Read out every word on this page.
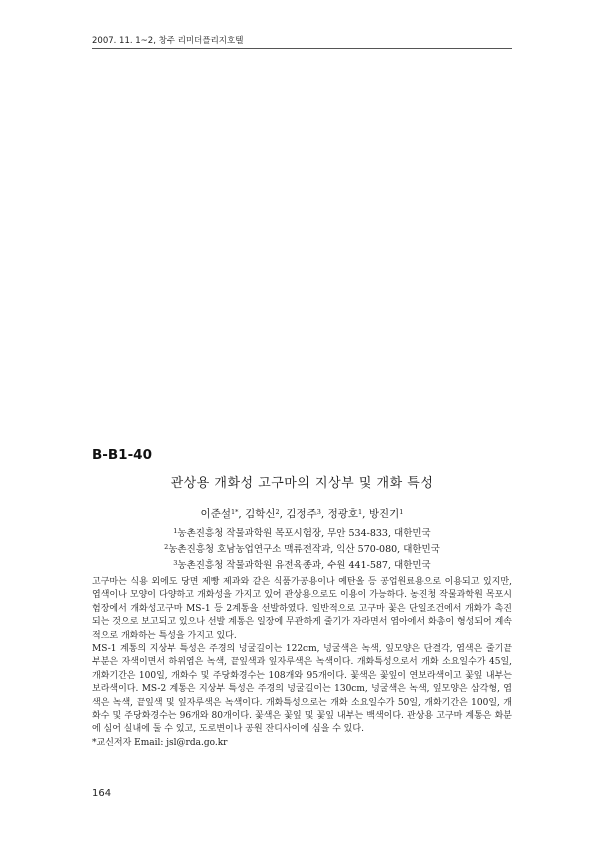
2007. 11. 1~2, 창주 리미더플리지호텔
B-B1-40
관상용 개화성 고구마의 지상부 및 개화 특성
이준설$^{1*}$, 김학신$^2$, 김정주$^3$, 정광호$^1$, 방진기$^1$
$^1$농촌진흥청 작물과학원 목포시험장, 무안 534-833, 대한민국
$^2$농촌진흥청 호남농업연구소 맥류전작과, 익산 570-080, 대한민국
$^3$농촌진흥청 작물과학원 유전육종과, 수원 441-587, 대한민국

고구마는 식용 외에도 당면 제빵 제과와 같은 식품가공용이나 예탄올 등 공업원료용으로 이용되고 있지만, 엽색이나 모양이 다양하고 개화성을 가지고 있어 관상용으로도 이용이 가능하다. 농진청 작물과학원 목포시험장에서 개화성고구마 MS-1 등 2계통을 선발하였다. 일반적으로 고구마 꽃은 단일조건에서 개화가 촉진되는 것으로 보고되고 있으나 선발 계통은 일장에 무관하게 줄기가 자라면서 엽아에서 화총이 형성되어 계속적으로 개화하는 특성을 가지고 있다.

MS-1 계통의 지상부 특성은 주경의 넝굴길이는 122cm, 넝굴색은 녹색, 잎모양은 단결각, 엽색은 줄기끝 부분은 자색이면서 하위엽은 녹색, 끝잎색과 잎자루색은 녹색이다. 개화특성으로서 개화 소요일수가 45일, 개화기간은 100일, 개화수 및 주당화경수는 108개와 95개이다. 꽃색은 꽃잎이 연보라색이고 꽃잎 내부는 보라색이다. MS-2 계통은 지상부 특성은 주경의 넝굴길이는 130cm, 넝굴색은 녹색, 잎모양은 삼각형, 엽색은 녹색, 끝잎색 및 잎자루색은 녹색이다. 개화특성으로는 개화 소요일수가 50일, 개화기간은 100일, 개화수 및 주당화경수는 96개와 80개이다. 꽃색은 꽃잎 및 꽃잎 내부는 백색이다. 관상용 고구마 계통은 화분에 심어 실내에 둘 수 있고, 도로변이나 공원 잔디사이에 심을 수 있다.

*교신저자 Email: jsl@rda.go.kr

164
